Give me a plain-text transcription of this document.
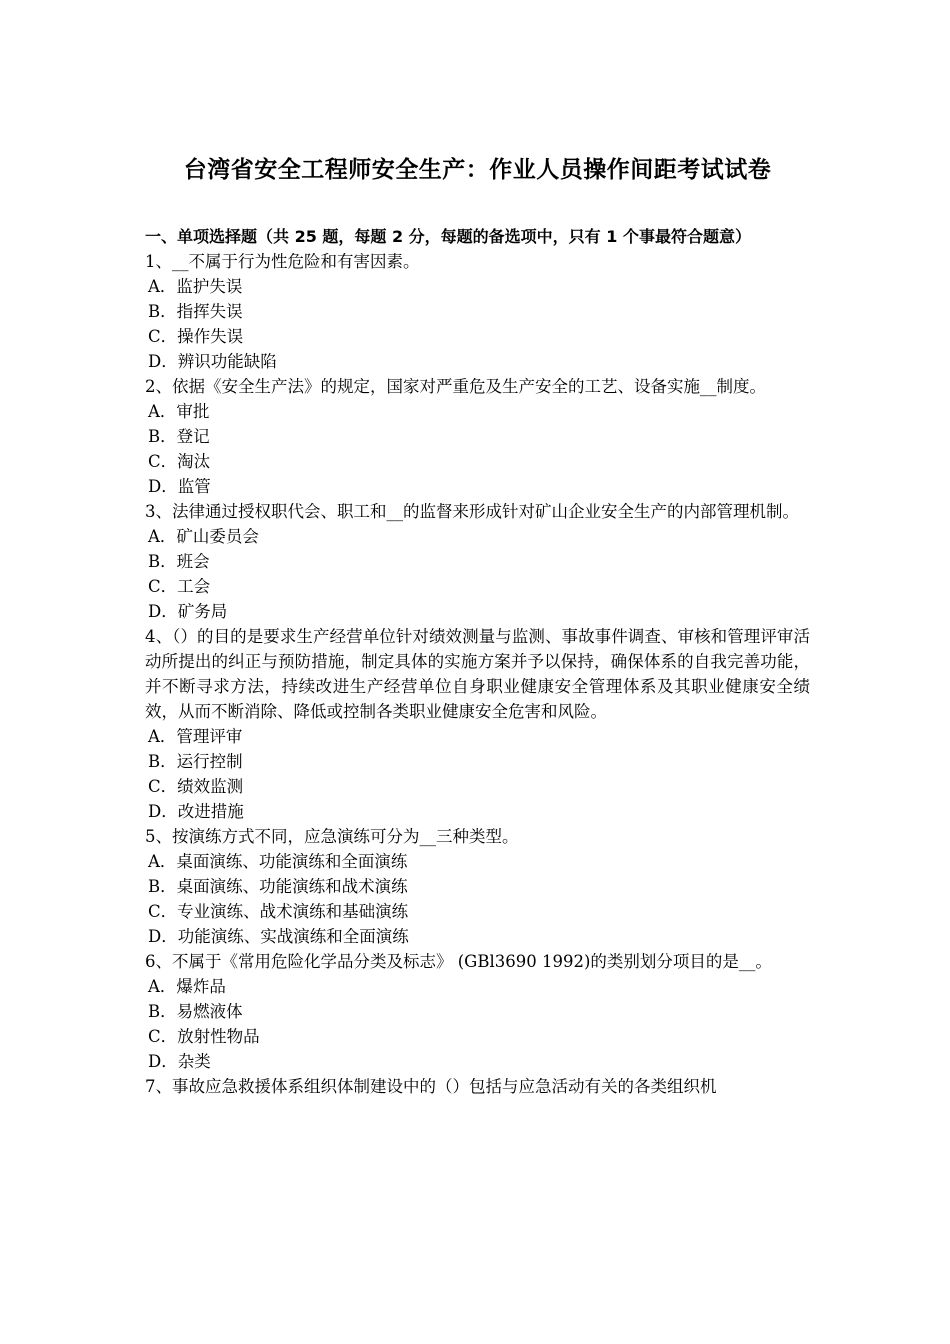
台湾省安全工程师安全生产：作业人员操作间距考试试卷
一、单项选择题（共 25 题，每题 2 分，每题的备选项中，只有 1 个事最符合题意）

1、__不属于行为性危险和有害因素。

A．监护失误
B．指挥失误
C．操作失误
D．辨识功能缺陷

2、依据《安全生产法》的规定，国家对严重危及生产安全的工艺、设备实施__制度。

A．审批
B．登记
C．淘汰
D．监管

3、法律通过授权职代会、职工和__的监督来形成针对矿山企业安全生产的内部管理机制。

A．矿山委员会
B．班会
C．工会
D．矿务局

4、（）的目的是要求生产经营单位针对绩效测量与监测、事故事件调查、审核和管理评审活动所提出的纠正与预防措施，制定具体的实施方案并予以保持，确保体系的自我完善功能，并不断寻求方法，持续改进生产经营单位自身职业健康安全管理体系及其职业健康安全绩效，从而不断消除、降低或控制各类职业健康安全危害和风险。

A．管理评审
B．运行控制
C．绩效监测
D．改进措施

5、按演练方式不同，应急演练可分为__三种类型。

A．桌面演练、功能演练和全面演练
B．桌面演练、功能演练和战术演练
C．专业演练、战术演练和基础演练
D．功能演练、实战演练和全面演练

6、不属于《常用危险化学品分类及标志》 (GBl3690 1992)的类别划分项目的是__。

A．爆炸品
B．易燃液体
C．放射性物品
D．杂类

7、事故应急救援体系组织体制建设中的（）包括与应急活动有关的各类组织机
